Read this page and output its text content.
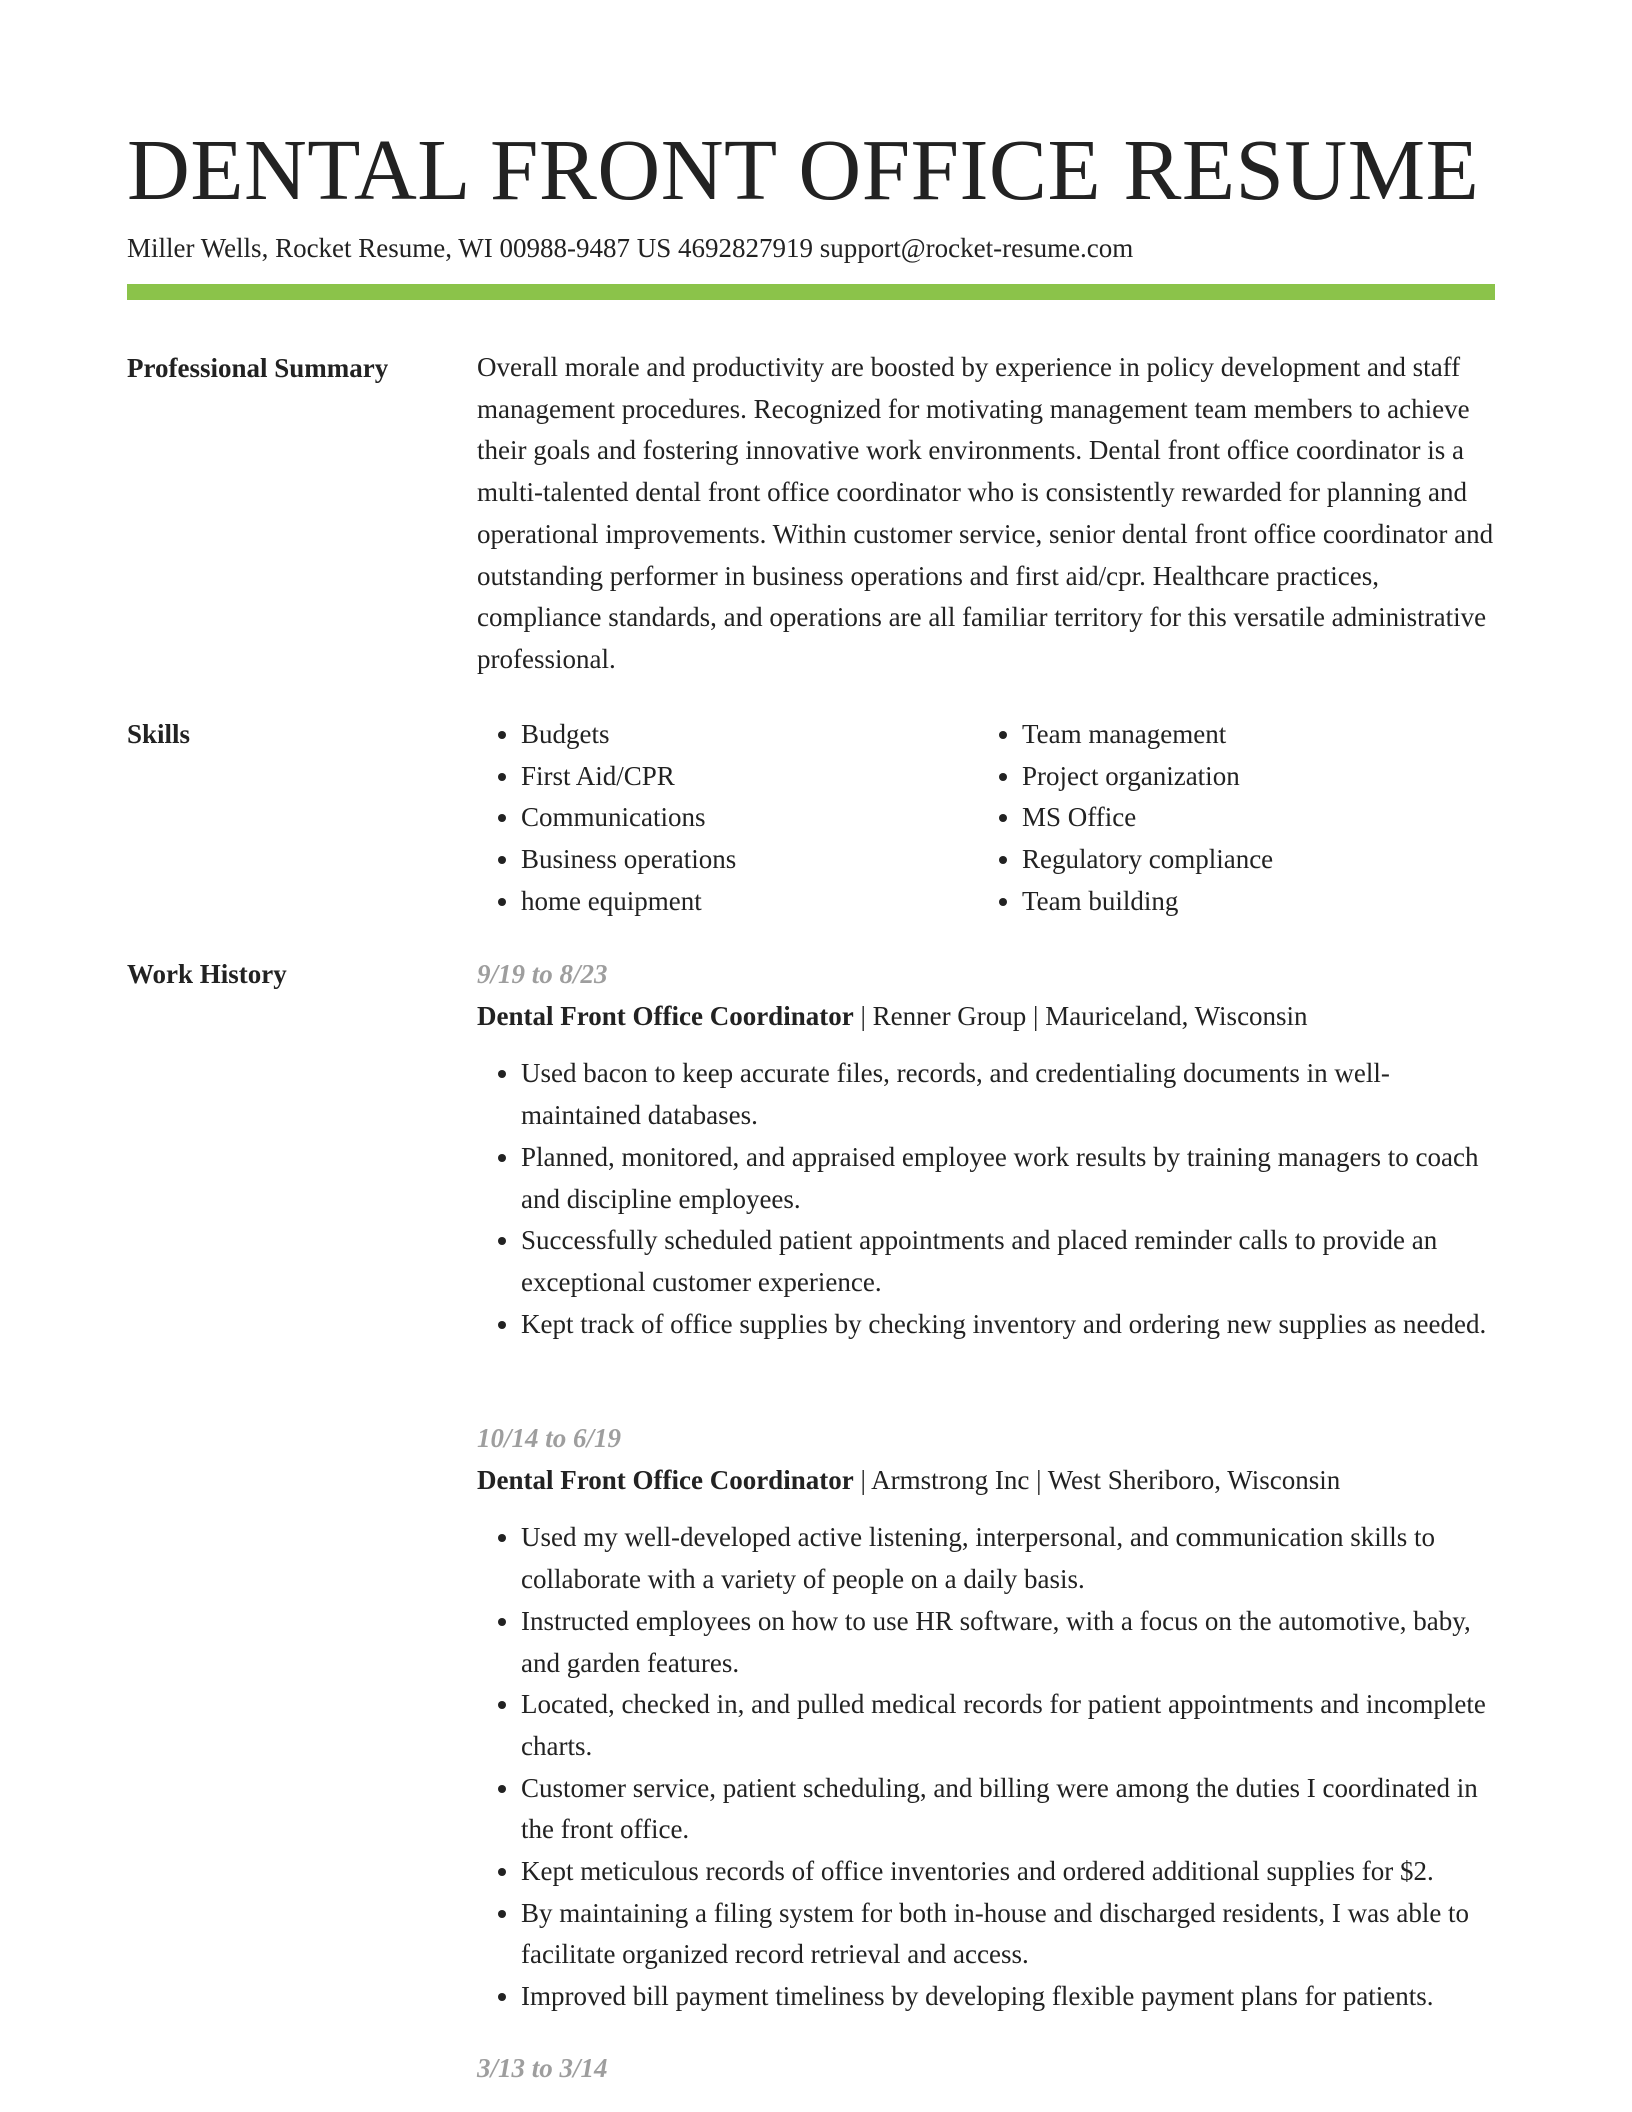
DENTAL FRONT OFFICE RESUME
Miller Wells, Rocket Resume, WI 00988-9487 US 4692827919 support@rocket-resume.com
Professional Summary	Overall morale and productivity are boosted by experience in policy development and staff management procedures. Recognized for motivating management team members to achieve their goals and fostering innovative work environments. Dental front office coordinator is a multi-talented dental front office coordinator who is consistently rewarded for planning and operational improvements. Within customer service, senior dental front office coordinator and outstanding performer in business operations and first aid/cpr. Healthcare practices, compliance standards, and operations are all familiar territory for this versatile administrative professional.

Skills
•	Budgets
• First Aid/CPR
• Communications
• Business operations
• home equipment
• Team management
• Project organization
• MS Office
• Regulatory compliance
• Team building
Work History	9/19 to 8/23

Dental Front Office Coordinator | Renner Group | Mauriceland, Wisconsin

• Used bacon to keep accurate files, records, and credentialing documents in well-maintained databases.
• Planned, monitored, and appraised employee work results by training managers to coach and discipline employees.
• Successfully scheduled patient appointments and placed reminder calls to provide an exceptional customer experience.
• Kept track of office supplies by checking inventory and ordering new supplies as needed.

10/14 to 6/19

Dental Front Office Coordinator | Armstrong Inc | West Sheriboro, Wisconsin

• Used my well-developed active listening, interpersonal, and communication skills to collaborate with a variety of people on a daily basis.
• Instructed employees on how to use HR software, with a focus on the automotive, baby, and garden features.
• Located, checked in, and pulled medical records for patient appointments and incomplete charts.
• Customer service, patient scheduling, and billing were among the duties I coordinated in the front office.
• Kept meticulous records of office inventories and ordered additional supplies for $2.
• By maintaining a filing system for both in-house and discharged residents, I was able to facilitate organized record retrieval and access.
• Improved bill payment timeliness by developing flexible payment plans for patients.

3/13 to 3/14
